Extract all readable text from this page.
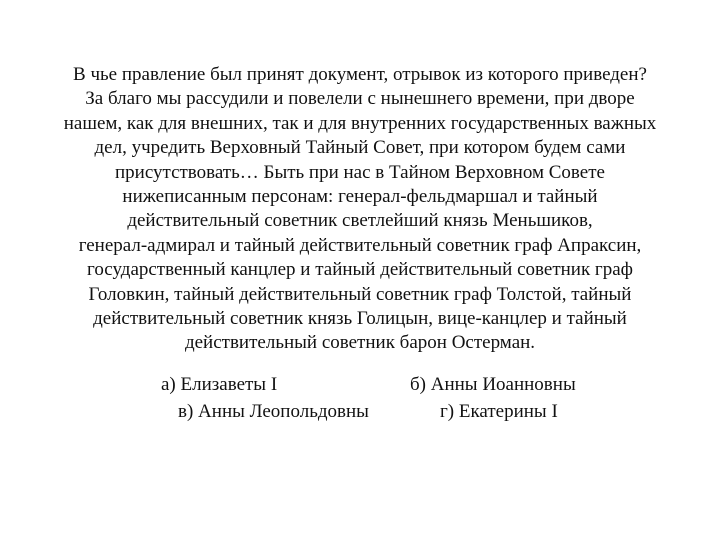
В чье правление был принят документ, отрывок из которого приведен?
За благо мы рассудили и повелели с нынешнего времени, при дворе
нашем, как для внешних, так и для внутренних государственных важных
дел, учредить Верховный Тайный Совет, при котором будем сами
присутствовать… Быть при нас в Тайном Верховном Совете
нижеписанным персонам: генерал-фельдмаршал и тайный
действительный советник светлейший князь Меньшиков,
генерал-адмирал и тайный действительный советник граф Апраксин,
государственный канцлер и тайный действительный советник граф
Головкин, тайный действительный советник граф Толстой, тайный
действительный советник князь Голицын, вице-канцлер и тайный
действительный советник барон Остерман.
а) Елизаветы I	б) Анны Иоанновны
в) Анны Леопольдовны	г) Екатерины I
